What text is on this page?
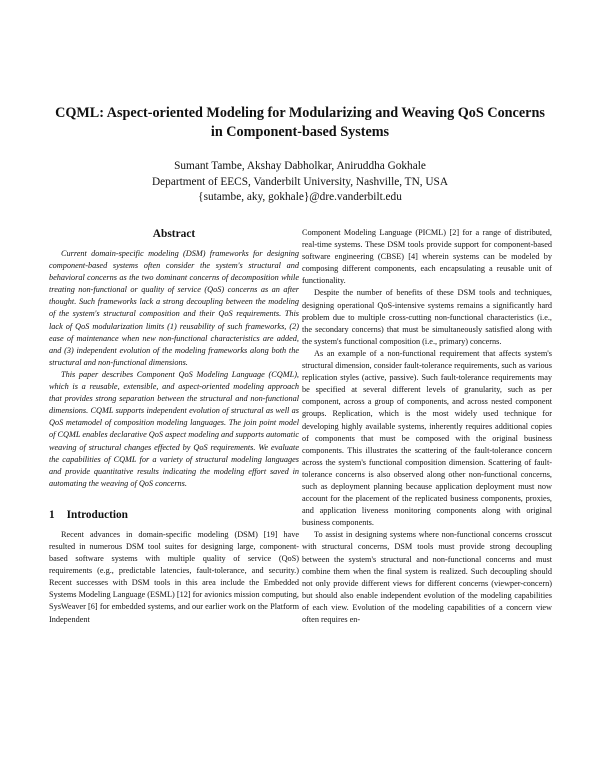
CQML: Aspect-oriented Modeling for Modularizing and Weaving QoS Concerns
in Component-based Systems
Sumant Tambe, Akshay Dabholkar, Aniruddha Gokhale
Department of EECS, Vanderbilt University, Nashville, TN, USA
{sutambe, aky, gokhale}@dre.vanderbilt.edu
Abstract

Current domain-specific modeling (DSM) frameworks for designing component-based systems often consider the system's structural and behavioral concerns as the two dominant concerns of decomposition while treating non-functional or quality of service (QoS) concerns as an after thought. Such frameworks lack a strong decoupling between the modeling of the system's structural composition and their QoS requirements. This lack of QoS modularization limits (1) reusability of such frameworks, (2) ease of maintenance when new non-functional characteristics are added, and (3) independent evolution of the modeling frameworks along both the structural and non-functional dimensions.

This paper describes Component QoS Modeling Language (CQML), which is a reusable, extensible, and aspect-oriented modeling approach that provides strong separation between the structural and non-functional dimensions. CQML supports independent evolution of structural as well as QoS metamodel of composition modeling languages. The join point model of CQML enables declarative QoS aspect modeling and supports automatic weaving of structural changes effected by QoS requirements. We evaluate the capabilities of CQML for a variety of structural modeling languages and provide quantitative results indicating the modeling effort saved in automating the weaving of QoS concerns.

1 Introduction

Recent advances in domain-specific modeling (DSM) [19] have resulted in numerous DSM tool suites for designing large, component-based software systems with multiple quality of service (QoS) requirements (e.g., predictable latencies, fault-tolerance, and security.) Recent successes with DSM tools in this area include the Embedded Systems Modeling Language (ESML) [12] for avionics mission computing, SysWeaver [6] for embedded systems, and our earlier work on the Platform Independent

Component Modeling Language (PICML) [2] for a range of distributed, real-time systems. These DSM tools provide support for component-based software engineering (CBSE) [4] wherein systems can be modeled by composing different components, each encapsulating a reusable unit of functionality.

Despite the number of benefits of these DSM tools and techniques, designing operational QoS-intensive systems remains a significantly hard problem due to multiple cross-cutting non-functional characteristics (i.e., the secondary concerns) that must be simultaneously satisfied along with the system's functional composition (i.e., primary) concerns.

As an example of a non-functional requirement that affects system's structural dimension, consider fault-tolerance requirements, such as various replication styles (active, passive). Such fault-tolerance requirements may be specified at several different levels of granularity, such as per component, across a group of components, and across nested component groups. Replication, which is the most widely used technique for developing highly available systems, inherently requires additional copies of components that must be composed with the original business components. This illustrates the scattering of the fault-tolerance concern across the system's functional composition dimension. Scattering of fault-tolerance concerns is also observed along other non-functional concerns, such as deployment planning because application deployment must now account for the placement of the replicated business components, proxies, and application liveness monitoring components along with original business components.

To assist in designing systems where non-functional concerns crosscut with structural concerns, DSM tools must provide strong decoupling between the system's structural and non-functional concerns and must combine them when the final system is realized. Such decoupling should not only provide different views for different concerns (viewper-concern) but should also enable independent evolution of the modeling capabilities of each view. Evolution of the modeling capabilities of a concern view often requires en-
